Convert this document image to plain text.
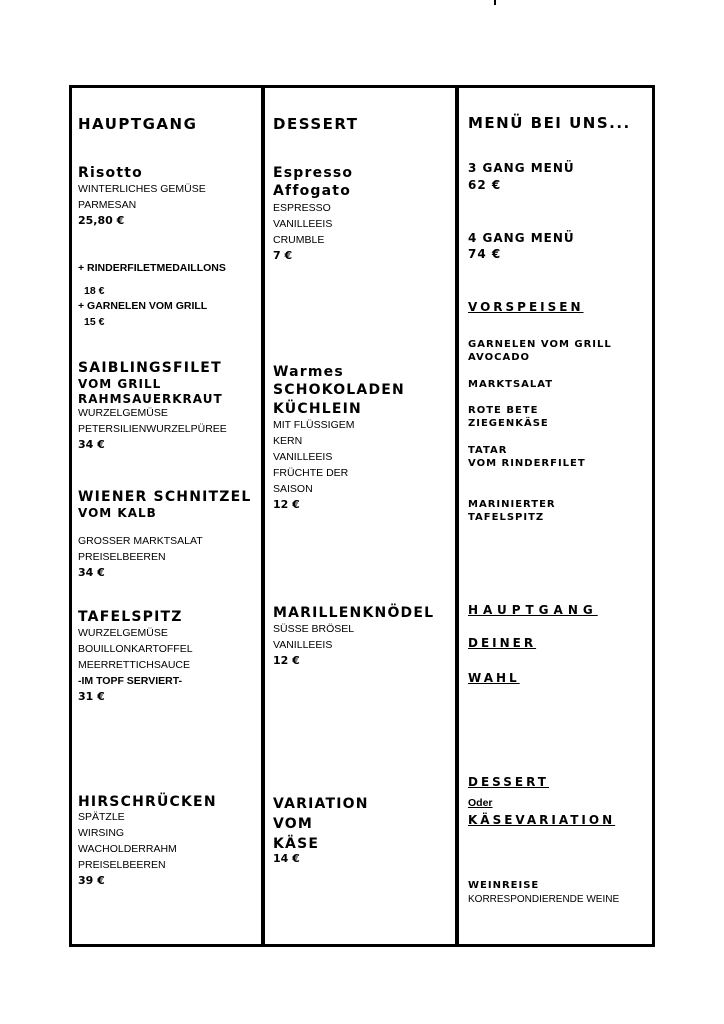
HAUPTGANG
Risotto
WINTERLICHES GEMÜSE
PARMESAN
25,80 €
+ RINDERFILETMEDAILLONS
18 €
+ GARNELEN VOM GRILL
15 €
SAIBLINGSFILET
VOM GRILL
RAHMSAUERKRAUT
WURZELGEMÜSE
PETERSILIENWURZELPÜREE
34 €
WIENER SCHNITZEL
VOM KALB
GROSSER MARKTSALAT
PREISELBEEREN
34 €
TAFELSPITZ
WURZELGEMÜSE
BOUILLONKARTOFFEL
MEERRETTICHSAUCE
-IM TOPF SERVIERT-
31 €
HIRSCHRÜCKEN
SPÄTZLE
WIRSING
WACHOLDERRAHM
PREISELBEEREN
39 €
DESSERT
Espresso
Affogato
ESPRESSO
VANILLEEIS
CRUMBLE
7 €
Warmes
SCHOKOLADEN
KÜCHLEIN
MIT FLÜSSIGEM
KERN
VANILLEEIS
FRÜCHTE DER
SAISON
12 €
MARILLENKNÖDEL
SÜSSE BRÖSEL
VANILLEEIS
12 €
VARIATION
VOM
KÄSE
14 €
MENÜ BEI UNS...
3 GANG MENÜ
62 €
4 GANG MENÜ
74 €
VORSPEISEN
GARNELEN VOM GRILL
AVOCADO
MARKTSALAT
ROTE BETE
ZIEGENKÄSE
TATAR
VOM RINDERFILET
MARINIERTER
TAFELSPITZ
HAUPTGANG
DEINER
WAHL
DESSERT
Oder
KÄSEVARIATION
WEINREISE
KORRESPONDIERENDE WEINE
